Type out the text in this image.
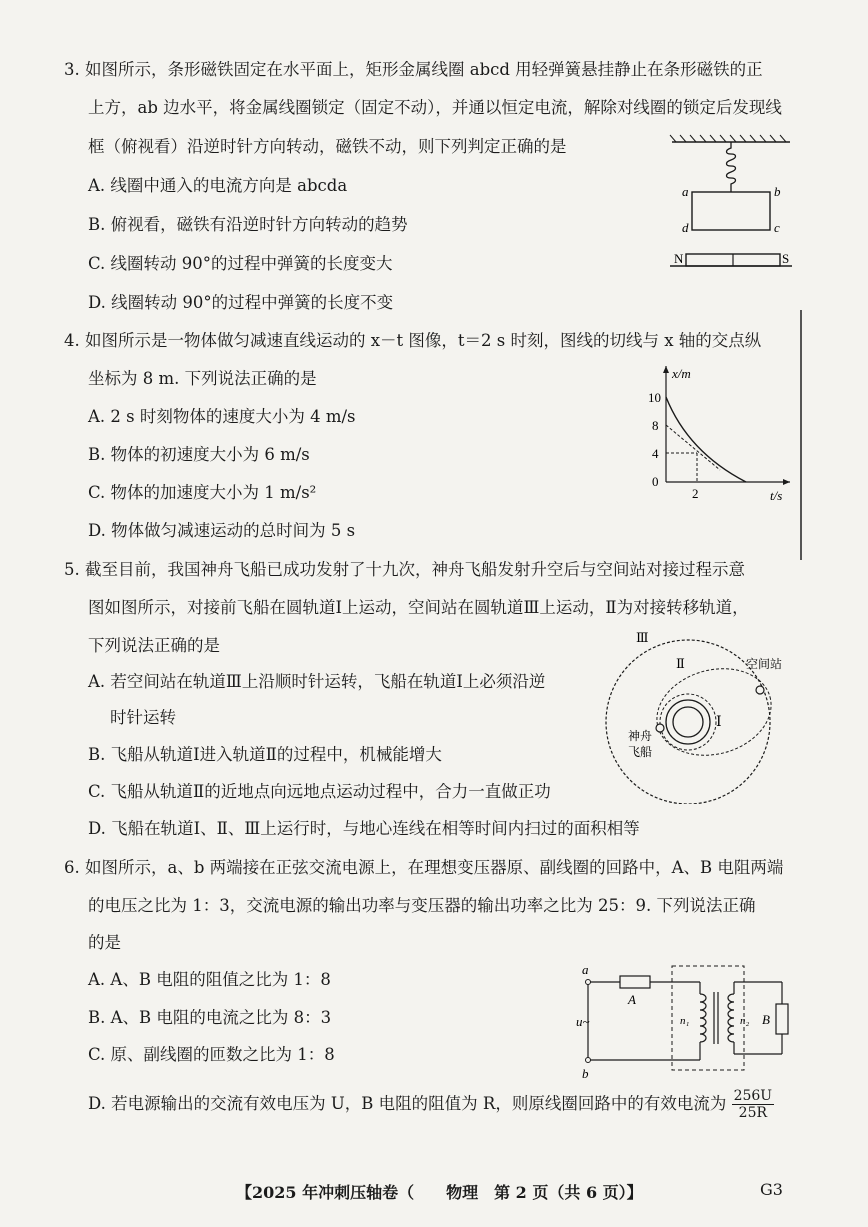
3. 如图所示，条形磁铁固定在水平面上，矩形金属线圈 abcd 用轻弹簧悬挂静止在条形磁铁的正
上方，ab 边水平，将金属线圈锁定（固定不动），并通以恒定电流，解除对线圈的锁定后发现线
框（俯视看）沿逆时针方向转动，磁铁不动，则下列判定正确的是
A. 线圈中通入的电流方向是 abcda
B. 俯视看，磁铁有沿逆时针方向转动的趋势
C. 线圈转动 90°的过程中弹簧的长度变大
D. 线圈转动 90°的过程中弹簧的长度不变
a	b
d	c
N	S
4. 如图所示是一物体做匀减速直线运动的 x－t 图像，t＝2 s 时刻，图线的切线与 x 轴的交点纵
坐标为 8 m. 下列说法正确的是
A. 2 s 时刻物体的速度大小为 4 m/s
B. 物体的初速度大小为 6 m/s
C. 物体的加速度大小为 1 m/s²
D. 物体做匀减速运动的总时间为 5 s
x/m
t/s
10
8
4
0
2
5. 截至目前，我国神舟飞船已成功发射了十九次，神舟飞船发射升空后与空间站对接过程示意
图如图所示，对接前飞船在圆轨道Ⅰ上运动，空间站在圆轨道Ⅲ上运动，Ⅱ为对接转移轨道，
下列说法正确的是
A. 若空间站在轨道Ⅲ上沿顺时针运转，飞船在轨道Ⅰ上必须沿逆
时针运转
B. 飞船从轨道Ⅰ进入轨道Ⅱ的过程中，机械能增大
C. 飞船从轨道Ⅱ的近地点向远地点运动过程中，合力一直做正功
D. 飞船在轨道Ⅰ、Ⅱ、Ⅲ上运行时，与地心连线在相等时间内扫过的面积相等
Ⅲ
Ⅱ
Ⅰ
空间站
神舟
飞船
6. 如图所示，a、b 两端接在正弦交流电源上，在理想变压器原、副线圈的回路中，A、B 电阻两端
的电压之比为 1：3，交流电源的输出功率与变压器的输出功率之比为 25：9. 下列说法正确
的是
A. A、B 电阻的阻值之比为 1：8
B. A、B 电阻的电流之比为 8：3
C. 原、副线圈的匝数之比为 1：8
D. 若电源输出的交流有效电压为 U，B 电阻的阻值为 R，则原线圈回路中的有效电流为 $\frac{256U}{25R}$
a
b
u~
A
n₁	n₂ B
【2025 年冲刺压轴卷（　　物理　第 2 页（共 6 页）】	G3
